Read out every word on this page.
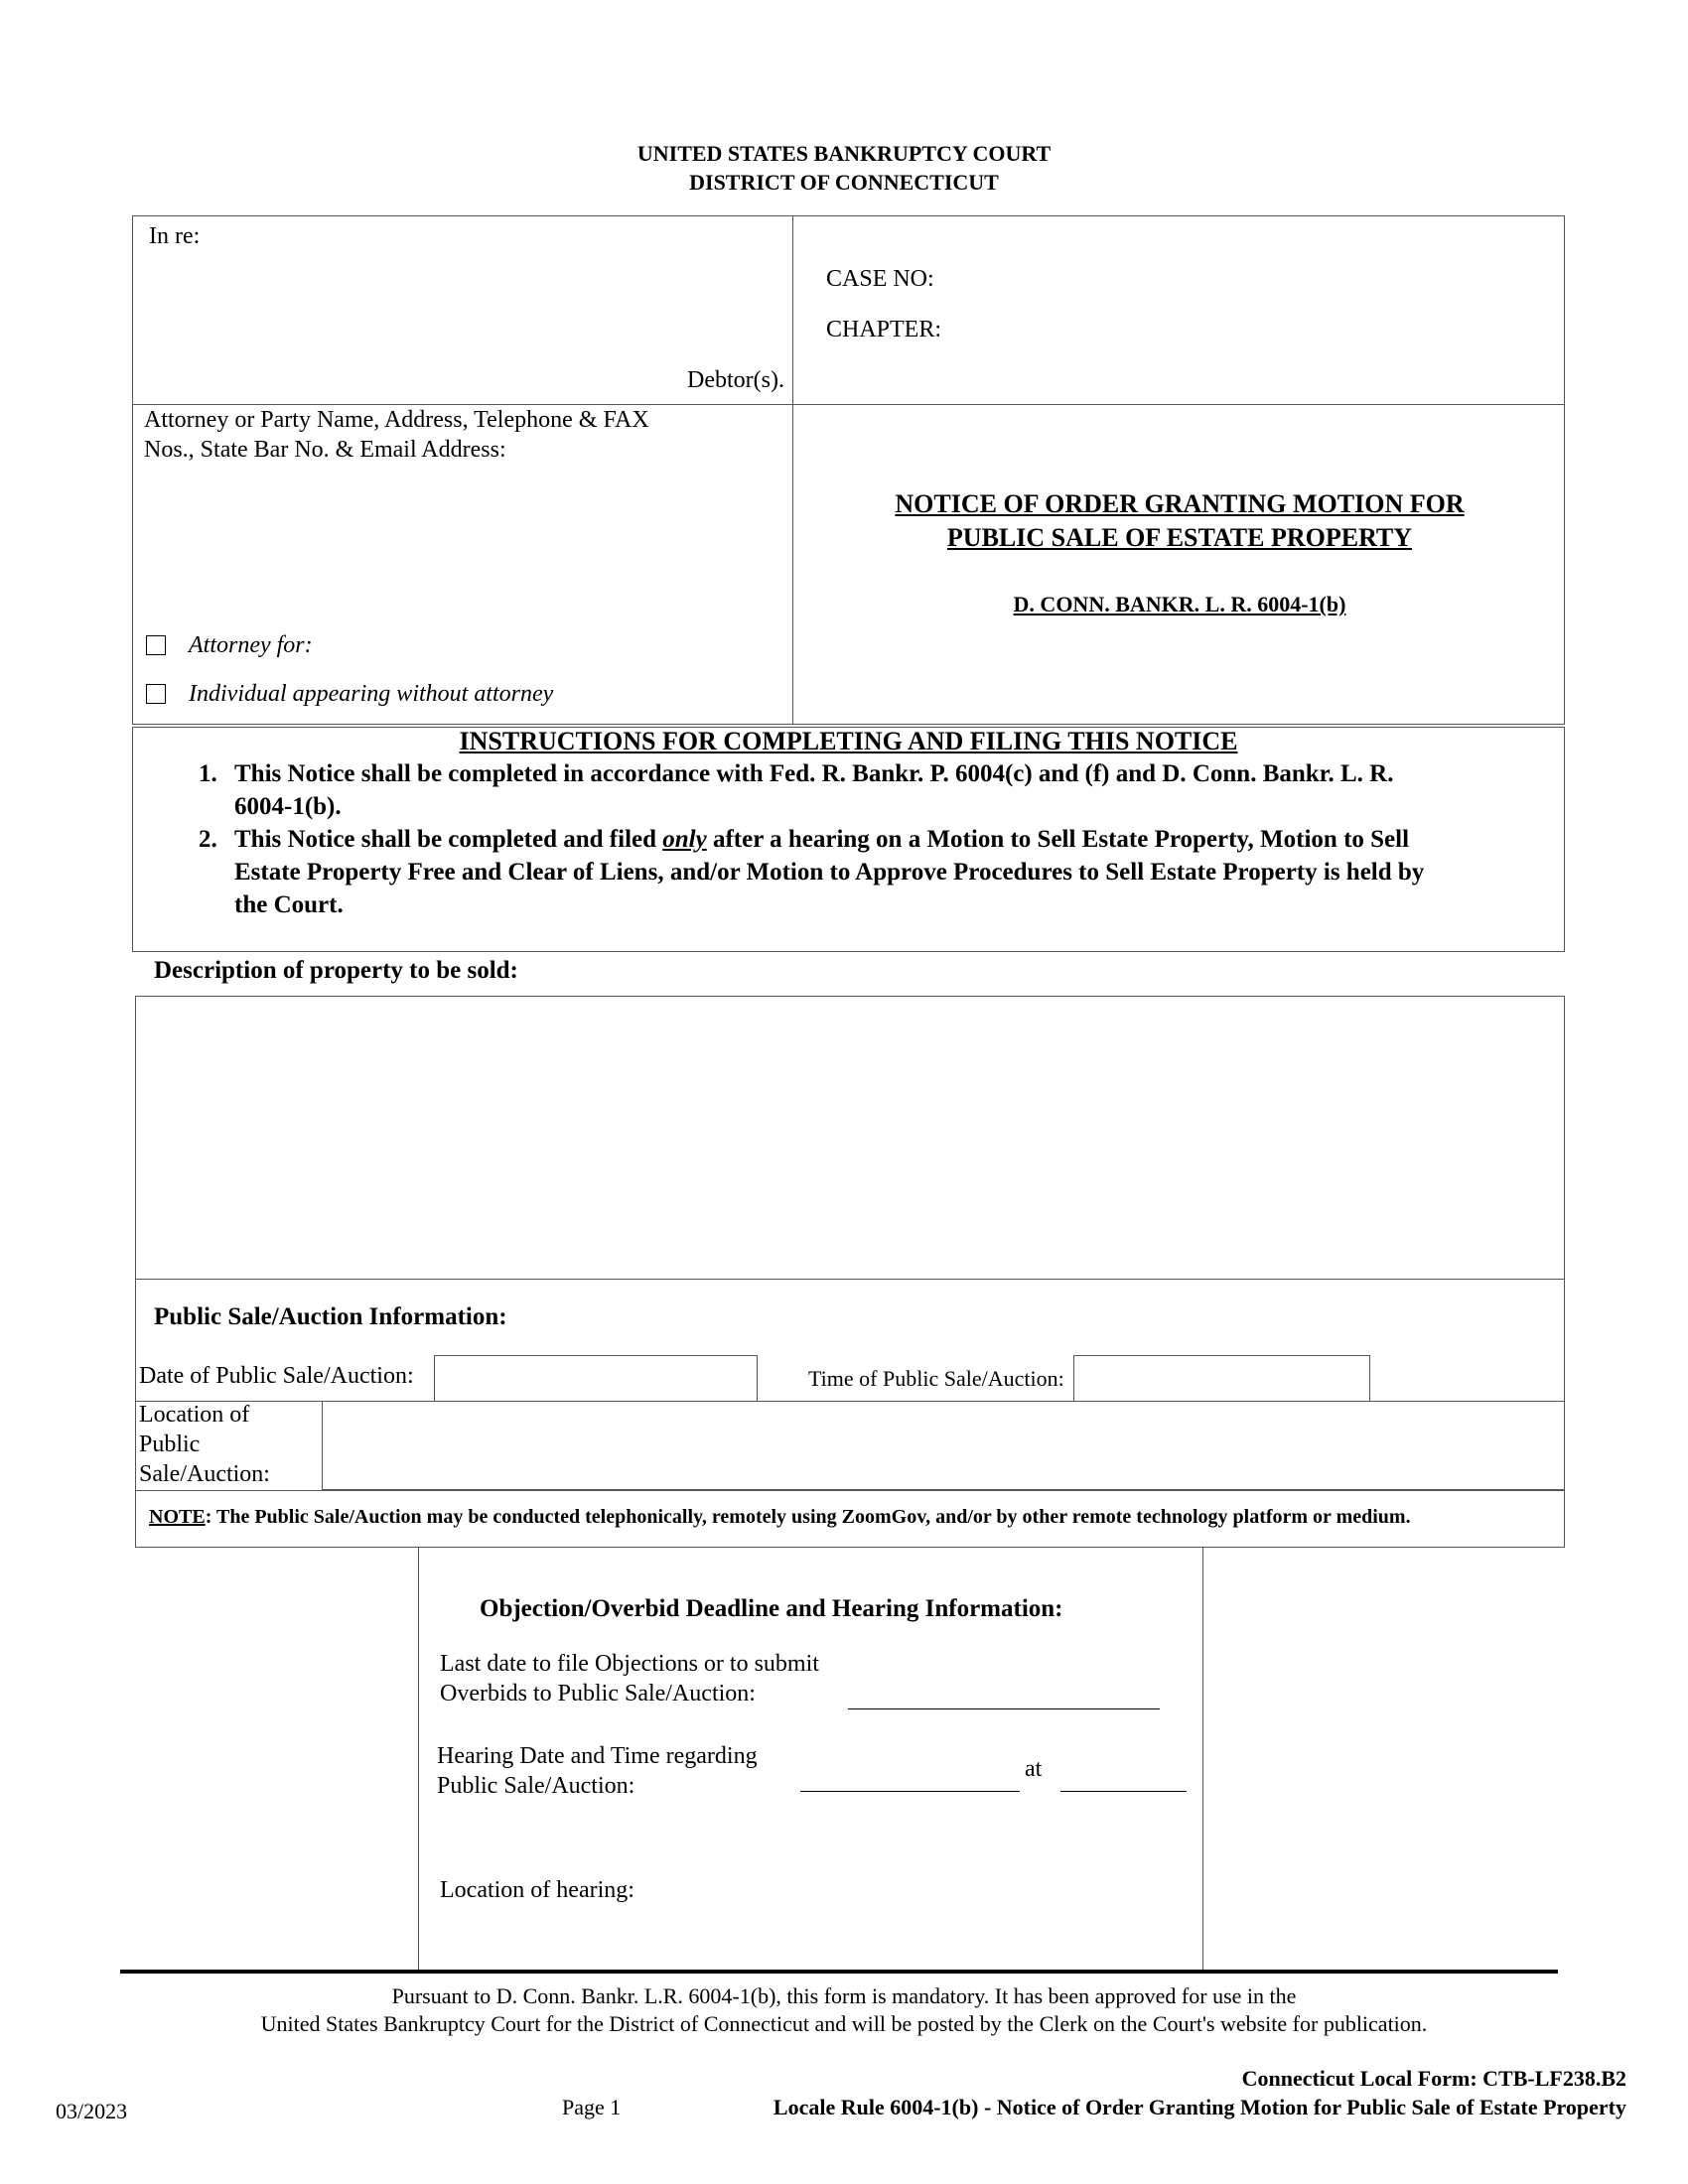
UNITED STATES BANKRUPTCY COURT
DISTRICT OF CONNECTICUT
In re:
Debtor(s).
CASE NO:
CHAPTER:
Attorney or Party Name, Address, Telephone & FAX
Nos., State Bar No. & Email Address:
Attorney for:
Individual appearing without attorney
NOTICE OF ORDER GRANTING MOTION FOR
PUBLIC SALE OF ESTATE PROPERTY
D. CONN. BANKR. L. R. 6004-1(b)
INSTRUCTIONS FOR COMPLETING AND FILING THIS NOTICE
1. This Notice shall be completed in accordance with Fed. R. Bankr. P. 6004(c) and (f) and D. Conn. Bankr. L. R.
6004-1(b).
2. This Notice shall be completed and filed only after a hearing on a Motion to Sell Estate Property, Motion to Sell
Estate Property Free and Clear of Liens, and/or Motion to Approve Procedures to Sell Estate Property is held by
the Court.
Description of property to be sold:
Public Sale/Auction Information:
Date of Public Sale/Auction:	Time of Public Sale/Auction:
Location of
Public
Sale/Auction:
NOTE: The Public Sale/Auction may be conducted telephonically, remotely using ZoomGov, and/or by other remote technology platform or medium.
Objection/Overbid Deadline and Hearing Information:
Last date to file Objections or to submit
Overbids to Public Sale/Auction:
Hearing Date and Time regarding
Public Sale/Auction:
at
Location of hearing:
Pursuant to D. Conn. Bankr. L.R. 6004-1(b), this form is mandatory. It has been approved for use in the
United States Bankruptcy Court for the District of Connecticut and will be posted by the Clerk on the Court's website for publication.
03/2023	Page 1
Connecticut Local Form: CTB-LF238.B2
Locale Rule 6004-1(b) - Notice of Order Granting Motion for Public Sale of Estate Property
